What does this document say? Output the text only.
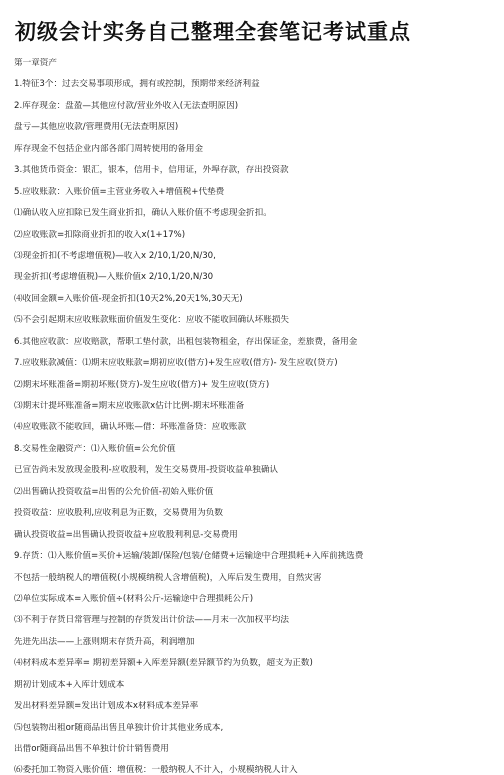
初级会计实务自己整理全套笔记考试重点
第一章资产
1.特征3个：过去交易事项形成，拥有或控制，预期带来经济利益
2.库存现金：盘盈—其他应付款/营业外收入(无法查明原因)
盘亏—其他应收款/管理费用(无法查明原因)
库存现金不包括企业内部各部门周转使用的备用金
3.其他货币资金：银汇，银本，信用卡，信用证，外埠存款，存出投资款
5.应收账款：入账价值=主营业务收入+增值税+代垫费
⑴确认收入应扣除已发生商业折扣，确认入账价值不考虑现金折扣。
⑵应收账款=扣除商业折扣的收入x(1+17%)
⑶现金折扣(不考虑增值税)—收入x 2/10,1/20,N/30,
现金折扣(考虑增值税)—入账价值x 2/10,1/20,N/30
⑷收回金额=入账价值-现金折扣(10天2%,20天1%,30天无)
⑸不会引起期末应收账款账面价值发生变化：应收不能收回确认坏账损失
6.其他应收款：应收赔款，帮职工垫付款，出租包装物租金，存出保证金，差旅费，备用金
7.应收账款减值：⑴期末应收账款=期初应收(借方)+发生应收(借方)- 发生应收(贷方)
⑵期末坏账准备=期初坏账(贷方)-发生应收(借方)+ 发生应收(贷方)
⑶期末计提坏账准备=期末应收账款x估计比例-期末坏账准备
⑷应收账款不能收回，确认坏账—借：坏账准备贷：应收账款
8.交易性金融资产：⑴入账价值=公允价值
已宣告尚未发放现金股利-应收股利，发生交易费用-投资收益单独确认
⑵出售确认投资收益=出售的公允价值-初始入账价值
投资收益：应收股利,应收利息为正数，交易费用为负数
确认投资收益=出售确认投资收益+应收股利利息-交易费用
9.存货：⑴入账价值=买价+运输/装卸/保险/包装/仓储费+运输途中合理损耗+入库前挑选费
不包括一般纳税人的增值税(小规模纳税人含增值税)，入库后发生费用，自然灾害
⑵单位实际成本=入账价值÷(材料公斤-运输途中合理损耗公斤)
⑶不利于存货日常管理与控制的存货发出计价法——月末一次加权平均法
先进先出法——上涨则期末存货升高，利润增加
⑷材料成本差异率= 期初差异额+入库差异额(差异额节约为负数，超支为正数)
期初计划成本+入库计划成本
发出材料差异额=发出计划成本x材料成本差异率
⑸包装物出租or随商品出售且单独计价计其他业务成本,
出借or随商品出售不单独计价计销售费用
⑹委托加工物资入账价值：增值税：一般纳税人不计入，小规模纳税人计入
